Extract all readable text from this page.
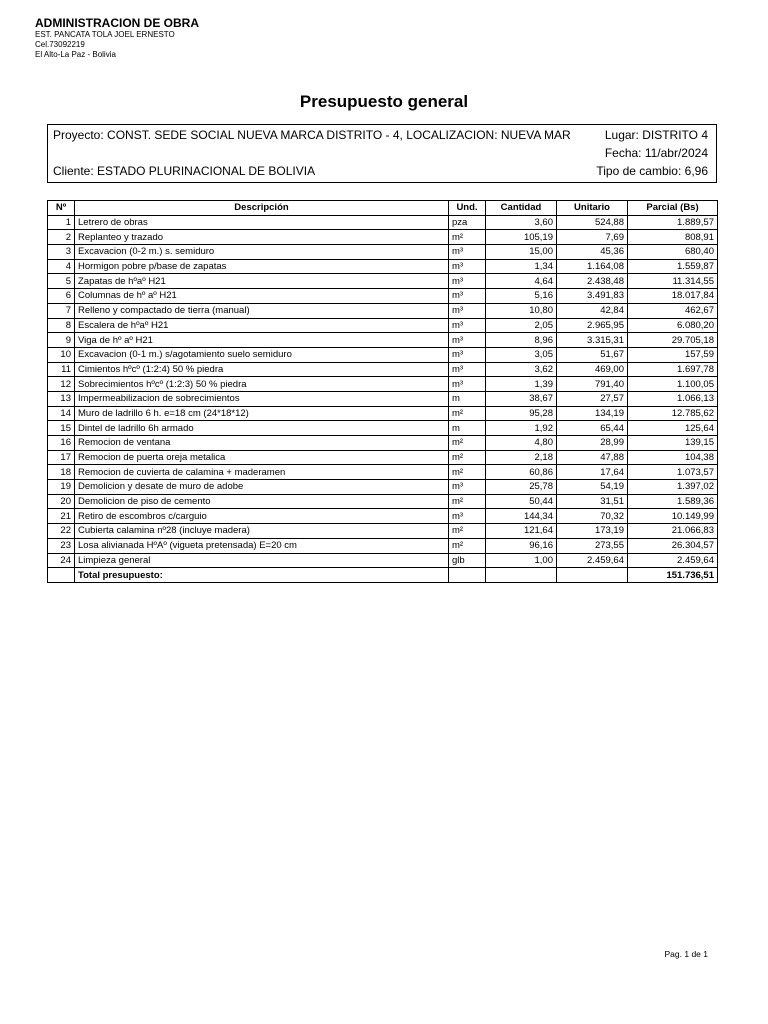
ADMINISTRACION DE OBRA
EST. PANCATA TOLA JOEL ERNESTO
Cel.73092219
El Alto-La Paz - Bolivia
Presupuesto general
Proyecto: CONST. SEDE SOCIAL NUEVA MARCA DISTRITO - 4, LOCALIZACION: NUEVA MAR	Lugar: DISTRITO 4
Fecha: 11/abr/2024
Cliente: ESTADO PLURINACIONAL DE BOLIVIA	Tipo de cambio: 6,96
Nº	Descripción	Und.	Cantidad	Unitario	Parcial (Bs)
1	Letrero de obras	pza	3,60	524,88	1.889,57
2	Replanteo y trazado	m²	105,19	7,69	808,91
3	Excavacion (0-2 m.) s. semiduro	m³	15,00	45,36	680,40
4	Hormigon pobre p/base de zapatas	m³	1,34	1.164,08	1.559,87
5	Zapatas de hºaº H21	m³	4,64	2.438,48	11.314,55
6	Columnas de hº aº H21	m³	5,16	3.491,83	18.017,84
7	Relleno y compactado de tierra (manual)	m³	10,80	42,84	462,67
8	Escalera de hºaº H21	m³	2,05	2.965,95	6.080,20
9	Viga de hº aº H21	m³	8,96	3.315,31	29.705,18
10	Excavacion (0-1 m.) s/agotamiento suelo semiduro	m³	3,05	51,67	157,59
11	Cimientos hºcº (1:2:4) 50 % piedra	m³	3,62	469,00	1.697,78
12	Sobrecimientos hºcº (1:2:3) 50 % piedra	m³	1,39	791,40	1.100,05
13	Impermeabilizacion de sobrecimientos	m	38,67	27,57	1.066,13
14	Muro de ladrillo 6 h. e=18 cm (24*18*12)	m²	95,28	134,19	12.785,62
15	Dintel de ladrillo 6h armado	m	1,92	65,44	125,64
16	Remocion de ventana	m²	4,80	28,99	139,15
17	Remocion de puerta oreja metalica	m²	2,18	47,88	104,38
18	Remocion de cuvierta de calamina + maderamen	m²	60,86	17,64	1.073,57
19	Demolicion y desate de muro de adobe	m³	25,78	54,19	1.397,02
20	Demolicion de piso de cemento	m²	50,44	31,51	1.589,36
21	Retiro de escombros c/carguio	m³	144,34	70,32	10.149,99
22	Cubierta calamina nº28 (incluye madera)	m²	121,64	173,19	21.066,83
23	Losa alivianada HºAº (vigueta pretensada) E=20 cm	m²	96,16	273,55	26.304,57
24	Limpieza general	glb	1,00	2.459,64	2.459,64
	Total presupuesto:				151.736,51
Pag. 1 de 1
